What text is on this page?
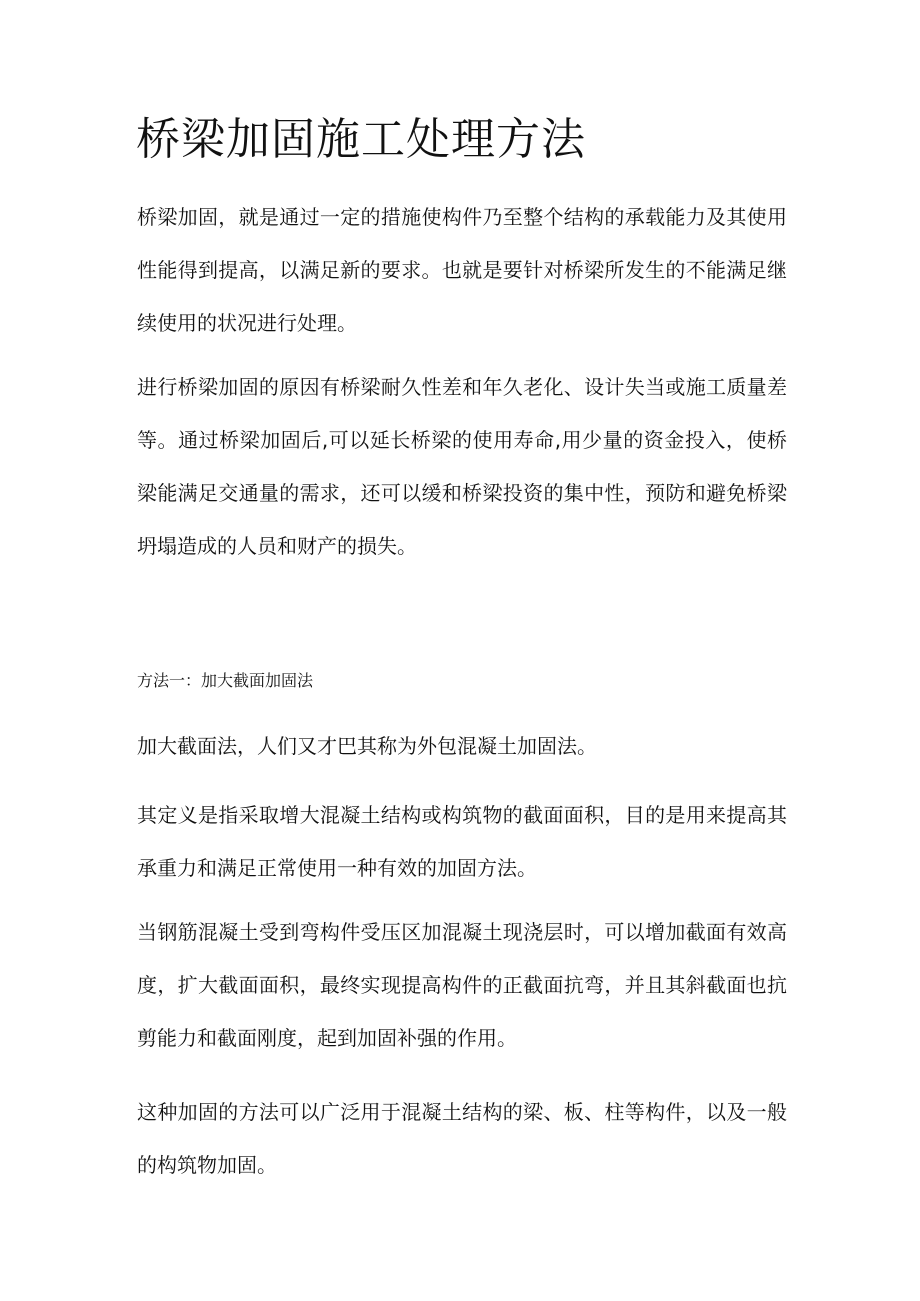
桥梁加固施工处理方法

桥梁加固，就是通过一定的措施使构件乃至整个结构的承载能力及其使用性能得到提高，以满足新的要求。也就是要针对桥梁所发生的不能满足继续使用的状况进行处理。

进行桥梁加固的原因有桥梁耐久性差和年久老化、设计失当或施工质量差等。通过桥梁加固后,可以延长桥梁的使用寿命,用少量的资金投入，使桥梁能满足交通量的需求，还可以缓和桥梁投资的集中性，预防和避免桥梁坍塌造成的人员和财产的损失。

方法一：加大截面加固法

加大截面法，人们又才巴其称为外包混凝土加固法。

其定义是指采取增大混凝土结构或构筑物的截面面积，目的是用来提高其承重力和满足正常使用一种有效的加固方法。

当钢筋混凝土受到弯构件受压区加混凝土现浇层时，可以增加截面有效高度，扩大截面面积，最终实现提高构件的正截面抗弯，并且其斜截面也抗剪能力和截面刚度，起到加固补强的作用。

这种加固的方法可以广泛用于混凝土结构的梁、板、柱等构件，以及一般的构筑物加固。
